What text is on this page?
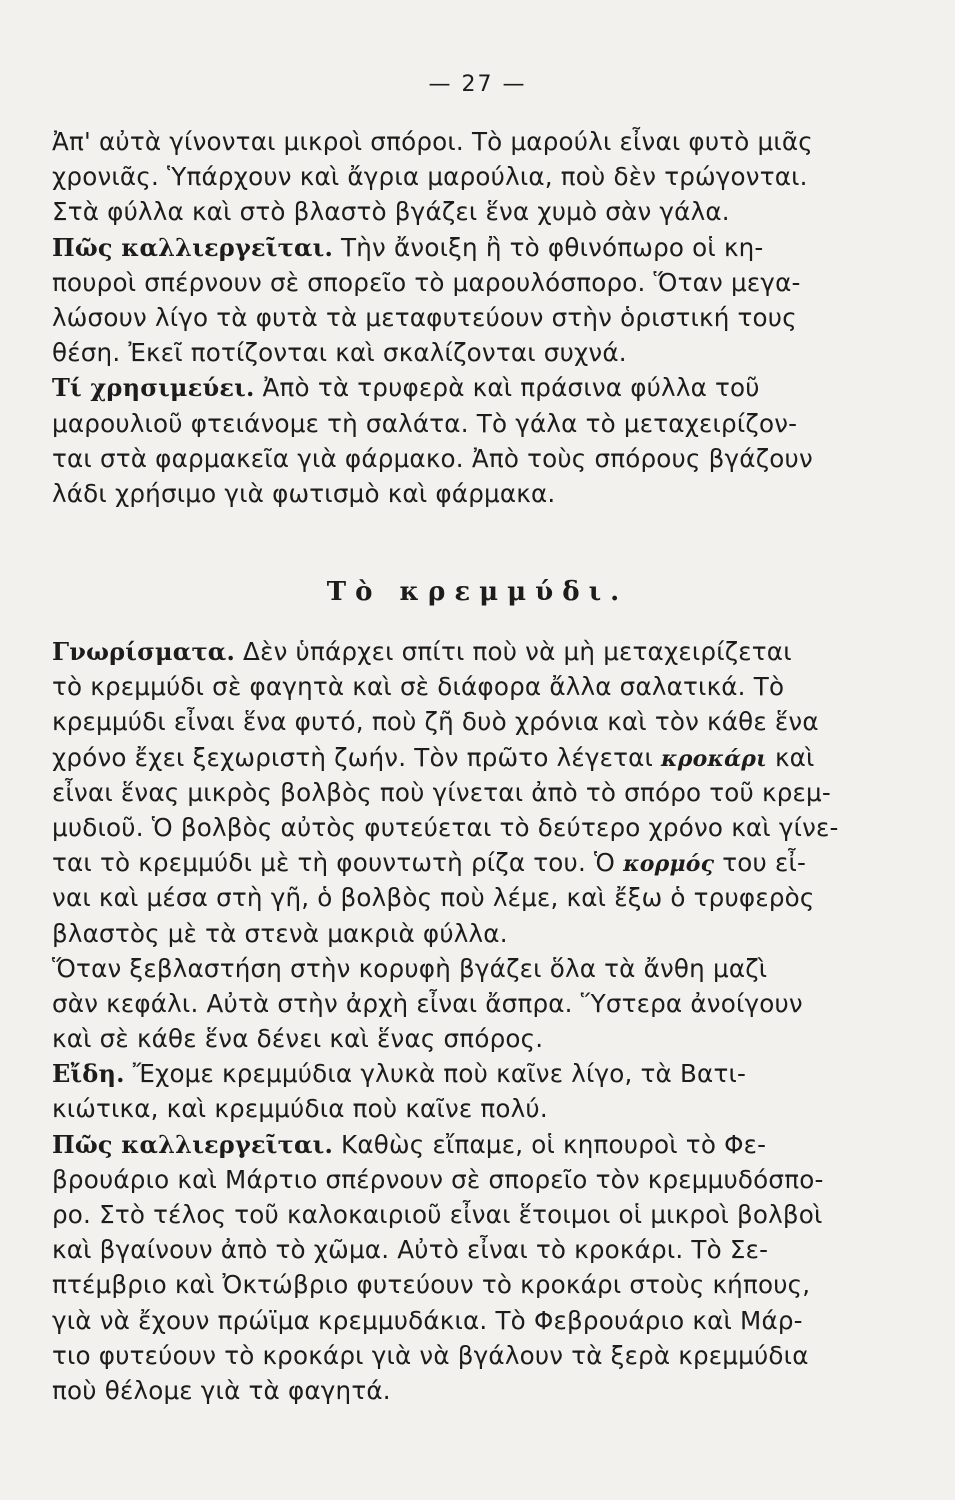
— 27 —
Ἀπ' αὐτὰ γίνονται μικροὶ σπόροι. Τὸ μαρούλι εἶναι φυτὸ μιᾶς
χρονιᾶς. Ὑπάρχουν καὶ ἄγρια μαρούλια, ποὺ δὲν τρώγονται.
Στὰ φύλλα καὶ στὸ βλαστὸ βγάζει ἕνα χυμὸ σὰν γάλα.
Πῶς καλλιεργεῖται. Τὴν ἄνοιξη ἢ τὸ φθινόπωρο οἱ κη-
πουροὶ σπέρνουν σὲ σπορεῖο τὸ μαρουλόσπορο. Ὅταν μεγα-
λώσουν λίγο τὰ φυτὰ τὰ μεταφυτεύουν στὴν ὁριστική τους
θέση. Ἐκεῖ ποτίζονται καὶ σκαλίζονται συχνά.
Τί χρησιμεύει. Ἀπὸ τὰ τρυφερὰ καὶ πράσινα φύλλα τοῦ
μαρουλιοῦ φτειάνομε τὴ σαλάτα. Τὸ γάλα τὸ μεταχειρίζον-
ται στὰ φαρμακεῖα γιὰ φάρμακο. Ἀπὸ τοὺς σπόρους βγάζουν
λάδι χρήσιμο γιὰ φωτισμὸ καὶ φάρμακα.
Τὸ κρεμμύδι.
Γνωρίσματα. Δὲν ὑπάρχει σπίτι ποὺ νὰ μὴ μεταχειρίζεται
τὸ κρεμμύδι σὲ φαγητὰ καὶ σὲ διάφορα ἄλλα σαλατικά. Τὸ
κρεμμύδι εἶναι ἕνα φυτό, ποὺ ζῆ δυὸ χρόνια καὶ τὸν κάθε ἕνα
χρόνο ἔχει ξεχωριστὴ ζωήν. Τὸν πρῶτο λέγεται κροκάρι καὶ
εἶναι ἕνας μικρὸς βολβὸς ποὺ γίνεται ἀπὸ τὸ σπόρο τοῦ κρεμ-
μυδιοῦ. Ὁ βολβὸς αὐτὸς φυτεύεται τὸ δεύτερο χρόνο καὶ γίνε-
ται τὸ κρεμμύδι μὲ τὴ φουντωτὴ ρίζα του. Ὁ κορμός του εἶ-
ναι καὶ μέσα στὴ γῆ, ὁ βολβὸς ποὺ λέμε, καὶ ἔξω ὁ τρυφερὸς
βλαστὸς μὲ τὰ στενὰ μακριὰ φύλλα.
Ὅταν ξεβλαστήση στὴν κορυφὴ βγάζει ὅλα τὰ ἄνθη μαζὶ
σὰν κεφάλι. Αὐτὰ στὴν ἀρχὴ εἶναι ἄσπρα. Ὕστερα ἀνοίγουν
καὶ σὲ κάθε ἕνα δένει καὶ ἕνας σπόρος.
Εἴδη. Ἔχομε κρεμμύδια γλυκὰ ποὺ καῖνε λίγο, τὰ Βατι-
κιώτικα, καὶ κρεμμύδια ποὺ καῖνε πολύ.
Πῶς καλλιεργεῖται. Καθὼς εἴπαμε, οἱ κηπουροὶ τὸ Φε-
βρουάριο καὶ Μάρτιο σπέρνουν σὲ σπορεῖο τὸν κρεμμυδόσπο-
ρο. Στὸ τέλος τοῦ καλοκαιριοῦ εἶναι ἕτοιμοι οἱ μικροὶ βολβοὶ
καὶ βγαίνουν ἀπὸ τὸ χῶμα. Αὐτὸ εἶναι τὸ κροκάρι. Τὸ Σε-
πτέμβριο καὶ Ὀκτώβριο φυτεύουν τὸ κροκάρι στοὺς κήπους,
γιὰ νὰ ἔχουν πρώϊμα κρεμμυδάκια. Τὸ Φεβρουάριο καὶ Μάρ-
τιο φυτεύουν τὸ κροκάρι γιὰ νὰ βγάλουν τὰ ξερὰ κρεμμύδια
ποὺ θέλομε γιὰ τὰ φαγητά.
